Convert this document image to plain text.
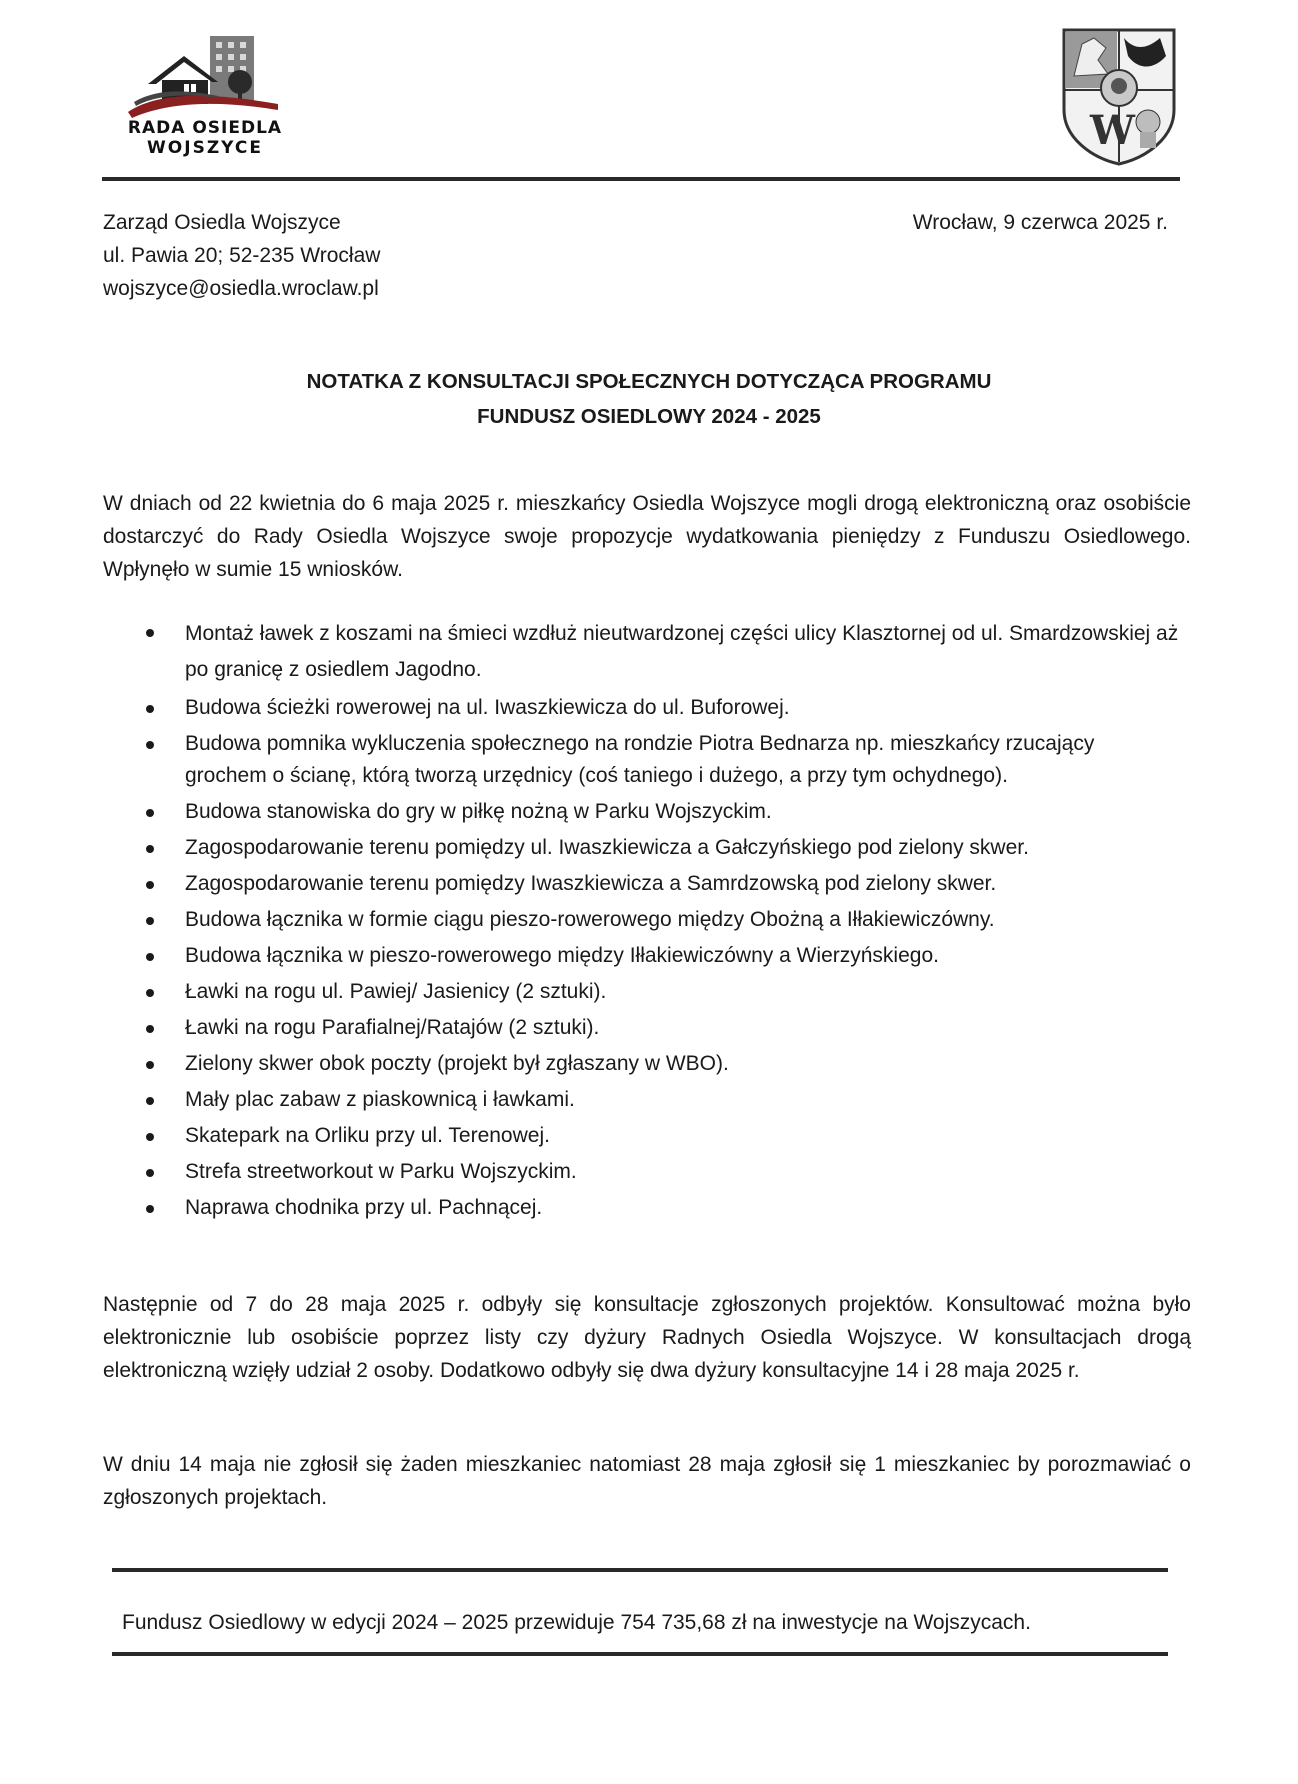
RADA OSIEDLA
WOJSZYCE	W
Zarząd Osiedla Wojszyce
ul. Pawia 20; 52-235 Wrocław
wojszyce@osiedla.wroclaw.pl
Wrocław, 9 czerwca 2025 r.
NOTATKA Z KONSULTACJI SPOŁECZNYCH DOTYCZĄCA PROGRAMU
FUNDUSZ OSIEDLOWY 2024 - 2025
W dniach od 22 kwietnia do 6 maja 2025 r. mieszkańcy Osiedla Wojszyce mogli drogą elektroniczną oraz osobiście dostarczyć do Rady Osiedla Wojszyce swoje propozycje wydatkowania pieniędzy z Funduszu Osiedlowego. Wpłynęło w sumie 15 wniosków.
Montaż ławek z koszami na śmieci wzdłuż nieutwardzonej części ulicy Klasztornej od ul. Smardzowskiej aż po granicę z osiedlem Jagodno.
Budowa ścieżki rowerowej na ul. Iwaszkiewicza do ul. Buforowej.
Budowa pomnika wykluczenia społecznego na rondzie Piotra Bednarza np. mieszkańcy rzucający grochem o ścianę, którą tworzą urzędnicy (coś taniego i dużego, a przy tym ochydnego).
Budowa stanowiska do gry w piłkę nożną w Parku Wojszyckim.
Zagospodarowanie terenu pomiędzy ul. Iwaszkiewicza a Gałczyńskiego pod zielony skwer.
Zagospodarowanie terenu pomiędzy Iwaszkiewicza a Samrdzowską pod zielony skwer.
Budowa łącznika w formie ciągu pieszo-rowerowego między Obożną a Iłłakiewiczówny.
Budowa łącznika w pieszo-rowerowego między Iłłakiewiczówny a Wierzyńskiego.
Ławki na rogu ul. Pawiej/ Jasienicy (2 sztuki).
Ławki na rogu Parafialnej/Ratajów (2 sztuki).
Zielony skwer obok poczty (projekt był zgłaszany w WBO).
Mały plac zabaw z piaskownicą i ławkami.
Skatepark na Orliku przy ul. Terenowej.
Strefa streetworkout w Parku Wojszyckim.
Naprawa chodnika przy ul. Pachnącej.
Następnie od 7 do 28 maja 2025 r. odbyły się konsultacje zgłoszonych projektów. Konsultować można było elektronicznie lub osobiście poprzez listy czy dyżury Radnych Osiedla Wojszyce. W konsultacjach drogą elektroniczną wzięły udział 2 osoby. Dodatkowo odbyły się dwa dyżury konsultacyjne 14 i 28 maja 2025 r.
W dniu 14 maja nie zgłosił się żaden mieszkaniec natomiast 28 maja zgłosił się 1 mieszkaniec by porozmawiać o zgłoszonych projektach.
Fundusz Osiedlowy w edycji 2024 – 2025 przewiduje 754 735,68 zł na inwestycje na Wojszycach.
